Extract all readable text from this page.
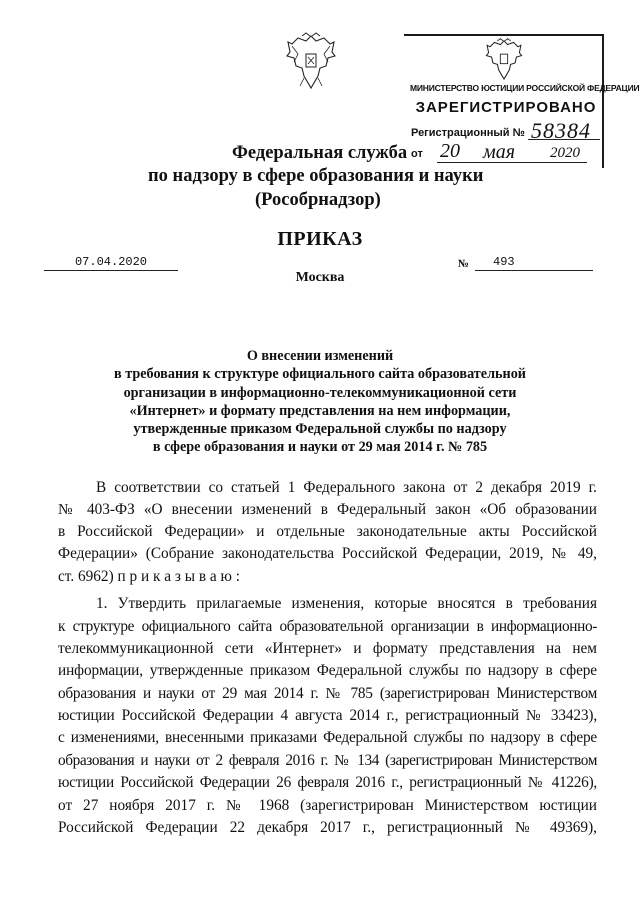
МИНИСТЕРСТВО ЮСТИЦИИ РОССИЙСКОЙ ФЕДЕРАЦИИ
ЗАРЕГИСТРИРОВАНО
Регистрационный № 58384
от 20 мая 2020
Федеральная служба
по надзору в сфере образования и науки
(Рособрнадзор)
ПРИКАЗ
07.04.2020	№	493
Москва
О внесении изменений
в требования к структуре официального сайта образовательной
организации в информационно-телекоммуникационной сети
«Интернет» и формату представления на нем информации,
утвержденные приказом Федеральной службы по надзору
в сфере образования и науки от 29 мая 2014 г. № 785
В соответствии со статьей 1 Федерального закона от 2 декабря 2019 г.
№ 403-ФЗ «О внесении изменений в Федеральный закон «Об образовании
в Российской Федерации» и отдельные законодательные акты Российской
Федерации» (Собрание законодательства Российской Федерации, 2019, № 49,
ст. 6962) п р и к а з ы в а ю :
1. Утвердить прилагаемые изменения, которые вносятся в требования
к структуре официального сайта образовательной организации в информационно-
телекоммуникационной сети «Интернет» и формату представления на нем
информации, утвержденные приказом Федеральной службы по надзору в сфере
образования и науки от 29 мая 2014 г. № 785 (зарегистрирован Министерством
юстиции Российской Федерации 4 августа 2014 г., регистрационный № 33423),
с изменениями, внесенными приказами Федеральной службы по надзору в сфере
образования и науки от 2 февраля 2016 г. № 134 (зарегистрирован Министерством
юстиции Российской Федерации 26 февраля 2016 г., регистрационный № 41226),
от 27 ноября 2017 г. № 1968 (зарегистрирован Министерством юстиции
Российской Федерации 22 декабря 2017 г., регистрационный № 49369),
